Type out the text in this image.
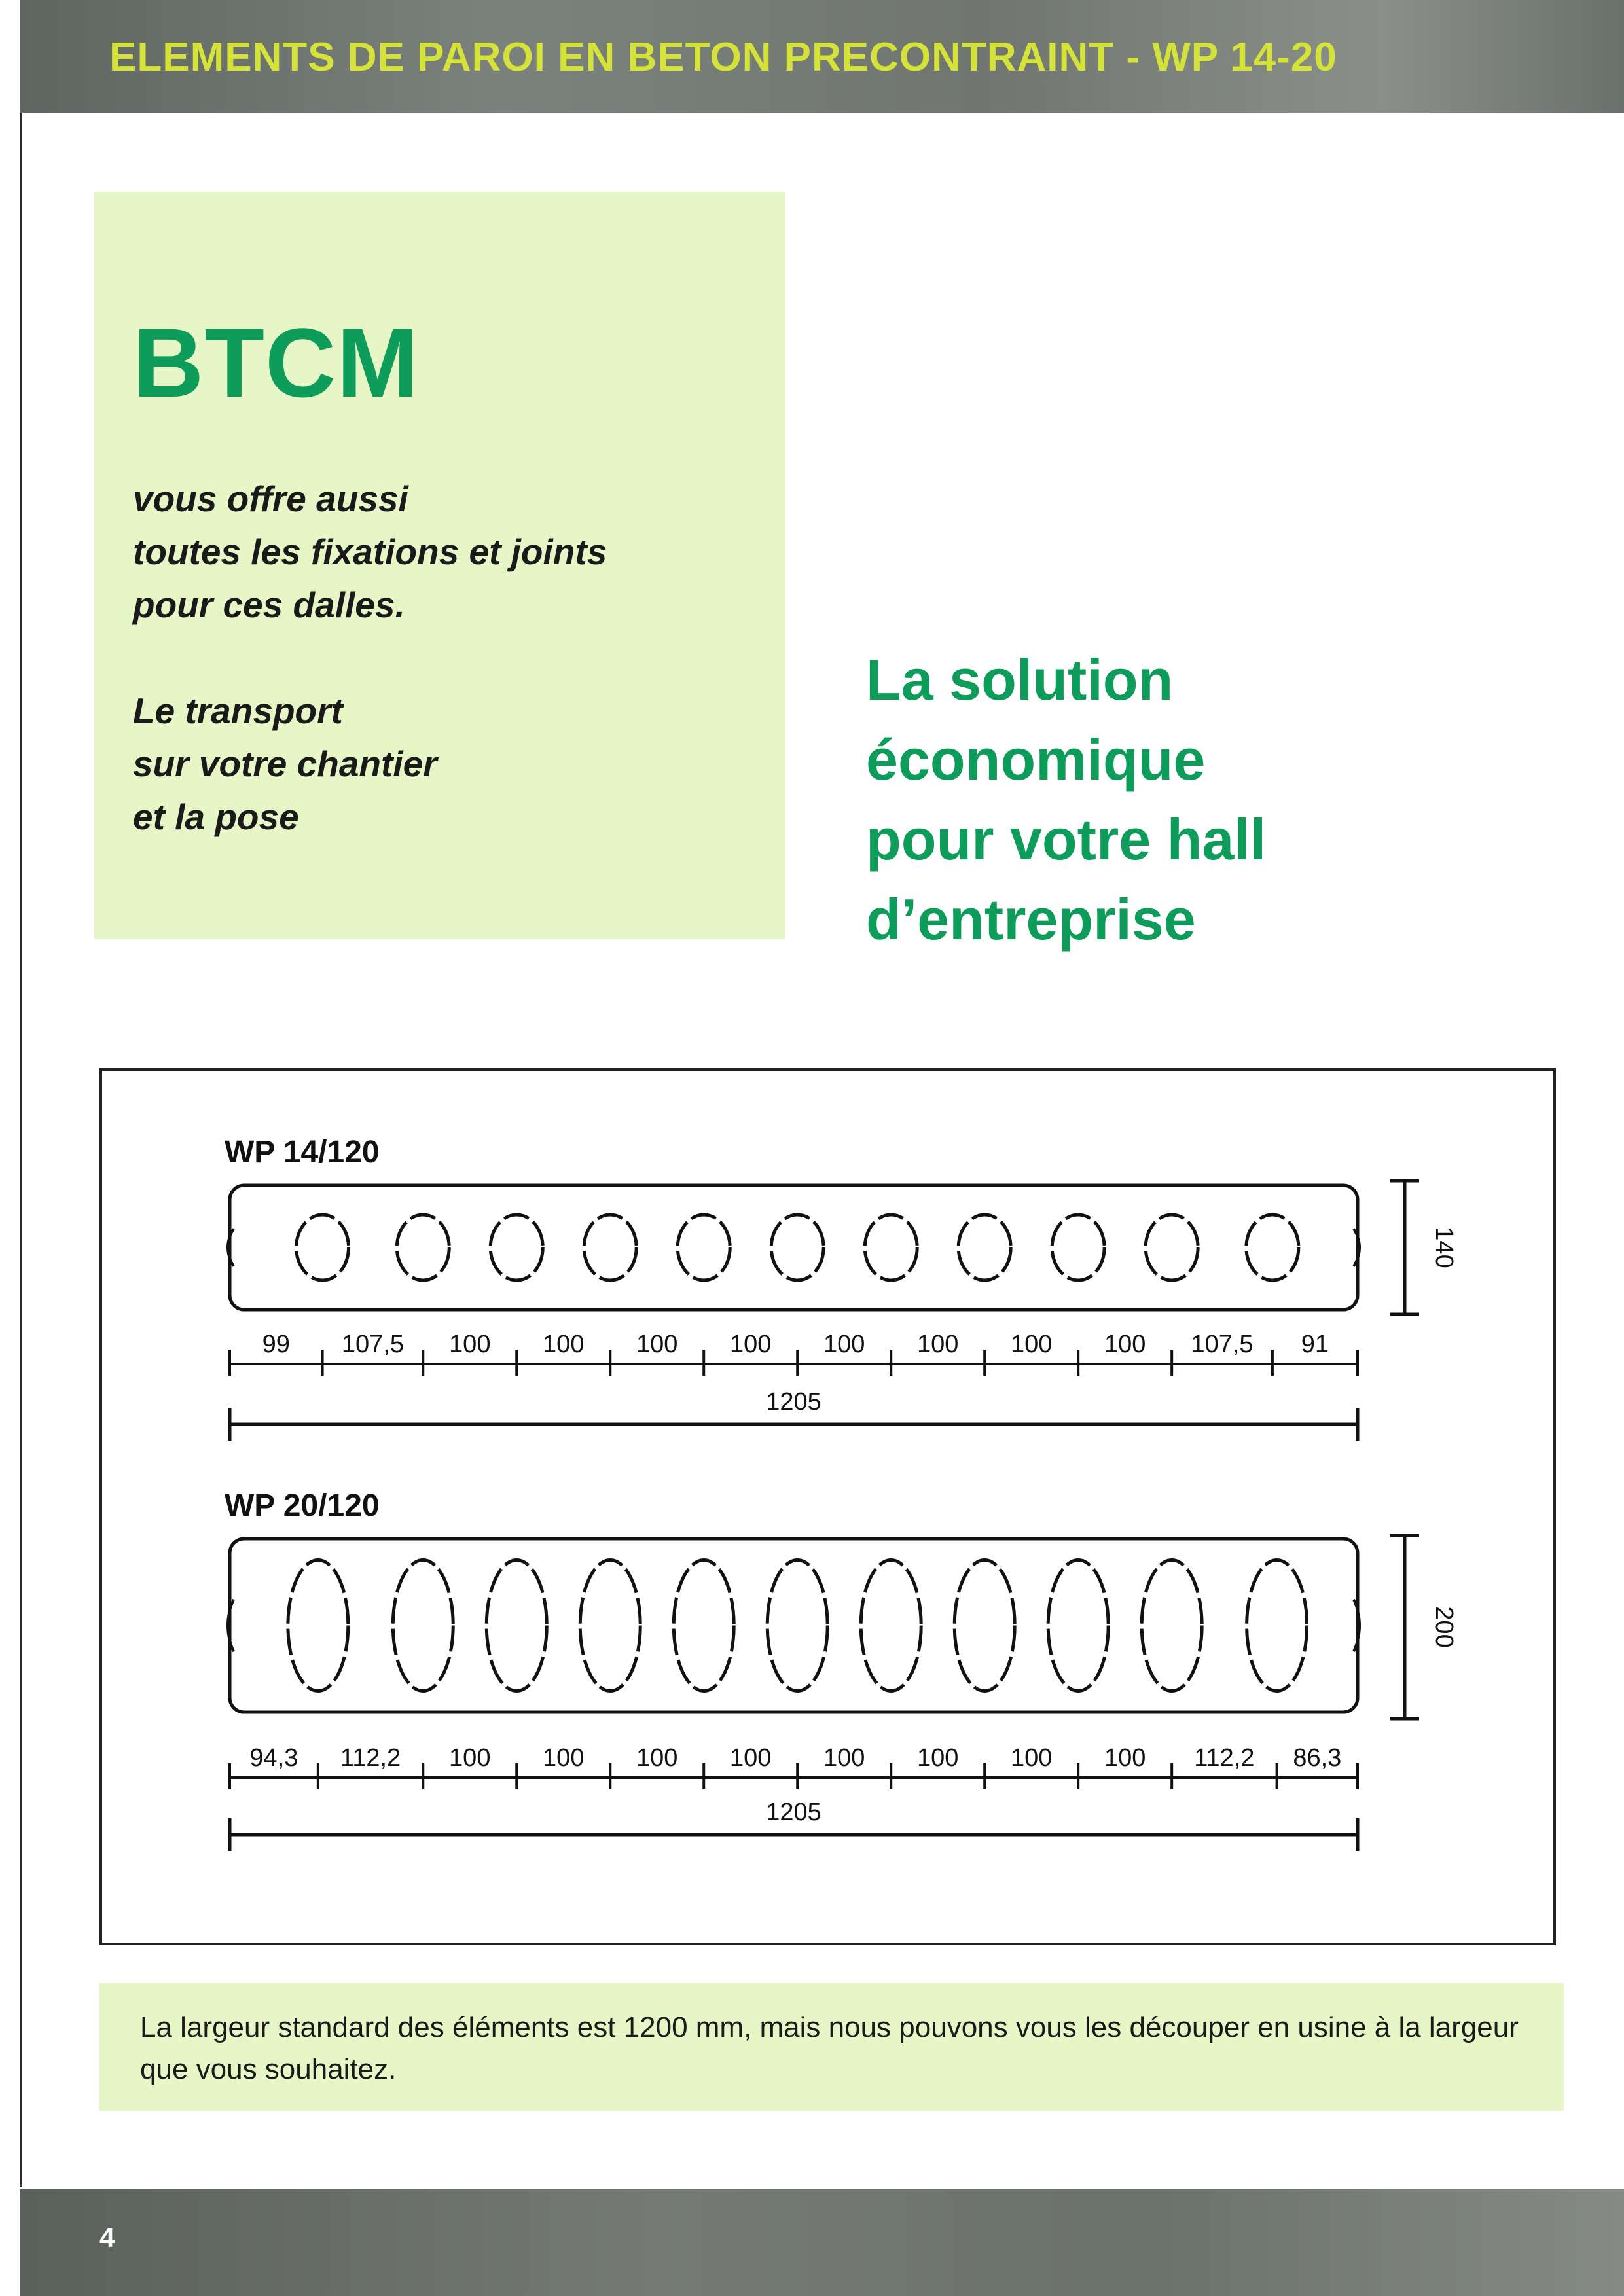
ELEMENTS DE PAROI EN BETON PRECONTRAINT - WP 14-20
BTCM

vous offre aussi
toutes les fixations et joints
pour ces dalles.

Le transport
sur votre chantier
et la pose

La solution
économique
pour votre hall
d’entreprise
WP 14/120
99 107,5 100 100 100 100 100 100 100 100 107,5 91
1205
140
WP 20/120
94,3 112,2 100 100 100 100 100 100 100 100 112,2 86,3
1205
200
La largeur standard des éléments est 1200 mm, mais nous pouvons vous les découper en usine à la largeur que vous souhaitez.
4
